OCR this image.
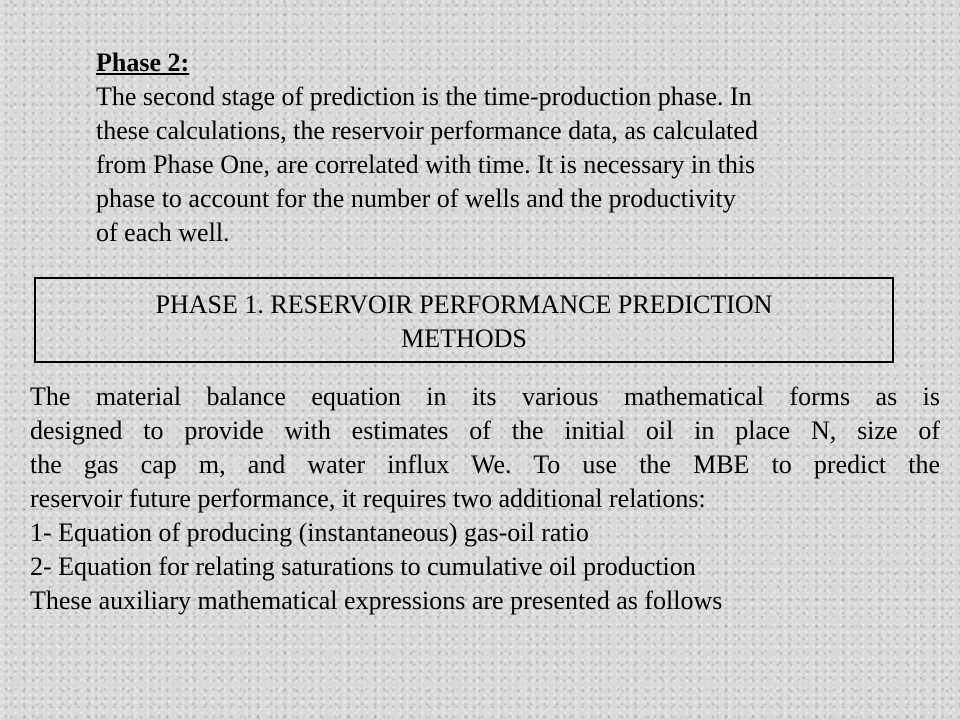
Phase 2:
The second stage of prediction is the time-production phase. In
these calculations, the reservoir performance data, as calculated
from Phase One, are correlated with time. It is necessary in this
phase to account for the number of wells and the productivity
of each well.
PHASE 1. RESERVOIR PERFORMANCE PREDICTION
METHODS
The material balance equation in its various mathematical forms as is
designed to provide with estimates of the initial oil in place N, size of
the gas cap m, and water influx We. To use the MBE to predict the
reservoir future performance, it requires two additional relations:
1- Equation of producing (instantaneous) gas-oil ratio
2- Equation for relating saturations to cumulative oil production
These auxiliary mathematical expressions are presented as follows
